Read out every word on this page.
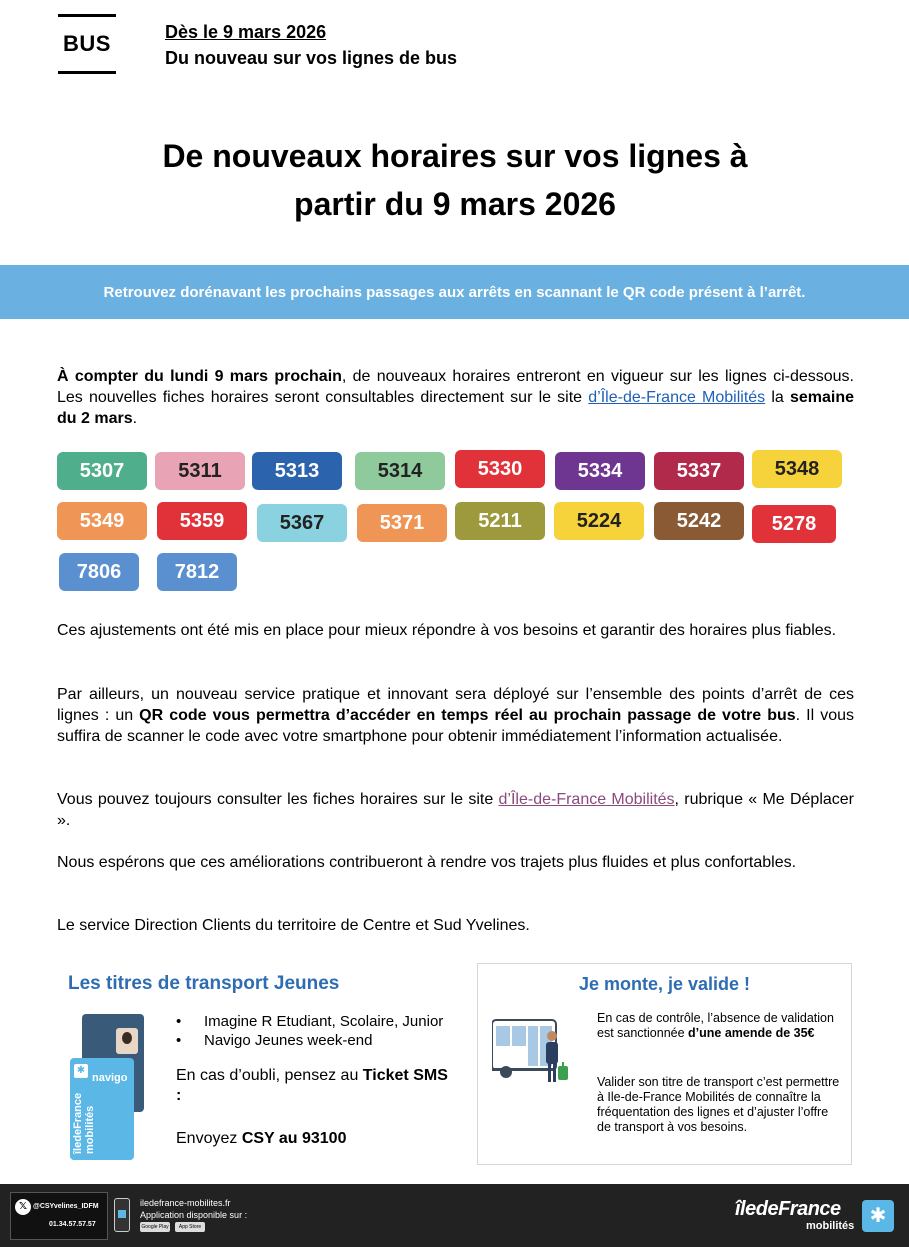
BUS	Dès le 9 mars 2026
Du nouveau sur vos lignes de bus
De nouveaux horaires sur vos lignes à
partir du 9 mars 2026
Retrouvez dorénavant les prochains passages aux arrêts en scannant le QR code présent à l’arrêt.
À compter du lundi 9 mars prochain, de nouveaux horaires entreront en vigueur sur les lignes ci-dessous. Les nouvelles fiches horaires seront consultables directement sur le site d’Île-de-France Mobilités la semaine du 2 mars.
5307	5311	5313	5314	5330	5334	5337	5348
5349	5359	5367	5371	5211	5224	5242	5278
7806	7812
Ces ajustements ont été mis en place pour mieux répondre à vos besoins et garantir des horaires plus fiables.
Par ailleurs, un nouveau service pratique et innovant sera déployé sur l’ensemble des points d’arrêt de ces lignes : un QR code vous permettra d’accéder en temps réel au prochain passage de votre bus. Il vous suffira de scanner le code avec votre smartphone pour obtenir immédiatement l’information actualisée.
Vous pouvez toujours consulter les fiches horaires sur le site d’Île-de-France Mobilités, rubrique « Me Déplacer ».
Nous espérons que ces améliorations contribueront à rendre vos trajets plus fluides et plus confortables.
Le service Direction Clients du territoire de Centre et Sud Yvelines.
Les titres de transport Jeunes
✱
navigo
îledeFrance mobilités
• Imagine R Etudiant, Scolaire, Junior
• Navigo Jeunes week-end
En cas d’oubli, pensez au Ticket SMS :
Envoyez CSY au 93100
Je monte, je valide !
En cas de contrôle, l’absence de validation est sanctionnée d’une amende de 35€
Valider son titre de transport c’est permettre à Ile-de-France Mobilités de connaître la fréquentation des lignes et d’ajuster l’offre de transport à vos besoins.
𝕏 @CSYvelines_IDFM
01.34.57.57.57
iledefrance-mobilites.fr
Application disponible sur :
Google Play	App Store
îledeFrance
mobilités ✱
